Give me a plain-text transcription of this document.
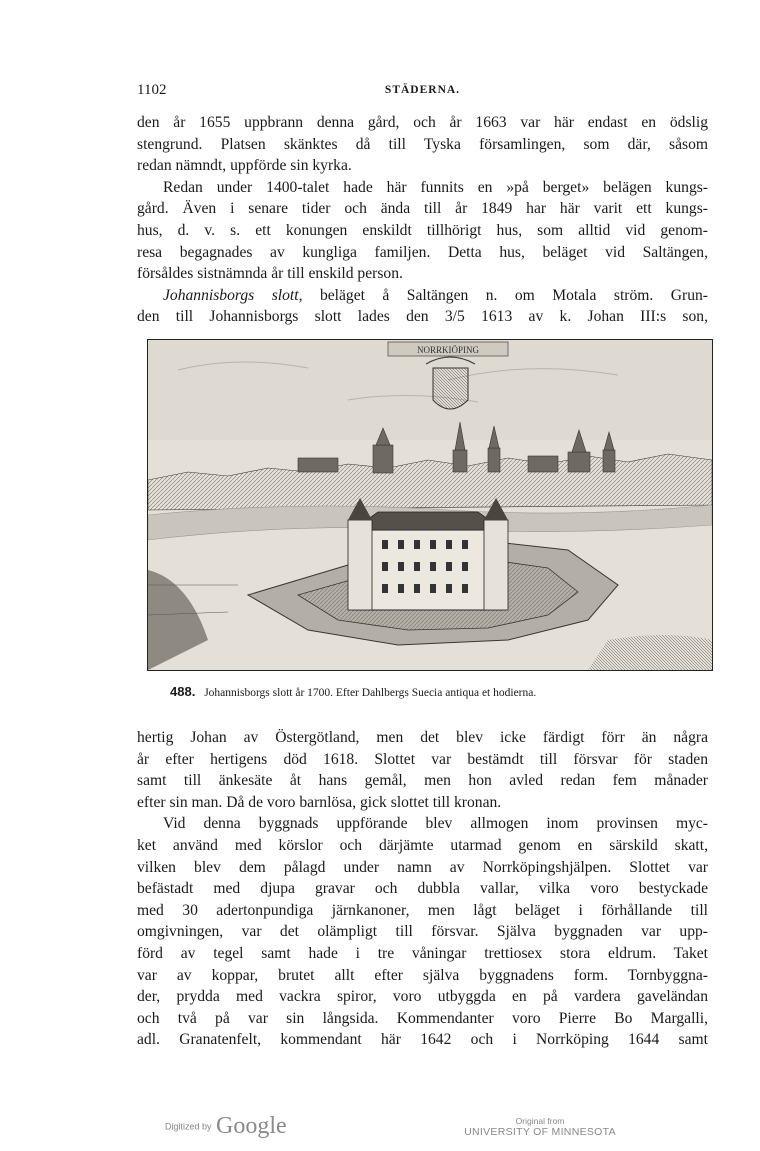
1102	STÄDERNA.
den år 1655 uppbrann denna gård, och år 1663 var här endast en ödslig
stengrund. Platsen skänktes då till Tyska församlingen, som där, såsom
redan nämndt, uppförde sin kyrka.
Redan under 1400-talet hade här funnits en »på berget» belägen kungs-
gård. Även i senare tider och ända till år 1849 har här varit ett kungs-
hus, d. v. s. ett konungen enskildt tillhörigt hus, som alltid vid genom-
resa begagnades av kungliga familjen. Detta hus, beläget vid Saltängen,
försåldes sistnämnda år till enskild person.
Johannisborgs slott, beläget å Saltängen n. om Motala ström. Grun-
den till Johannisborgs slott lades den 3/5 1613 av k. Johan III:s son,
NORRKIÖPING
488. Johannisborgs slott år 1700. Efter Dahlbergs Suecia antiqua et hodierna.
hertig Johan av Östergötland, men det blev icke färdigt förr än några
år efter hertigens död 1618. Slottet var bestämdt till försvar för staden
samt till änkesäte åt hans gemål, men hon avled redan fem månader
efter sin man. Då de voro barnlösa, gick slottet till kronan.
Vid denna byggnads uppförande blev allmogen inom provinsen myc-
ket använd med körslor och därjämte utarmad genom en särskild skatt,
vilken blev dem pålagd under namn av Norrköpingshjälpen. Slottet var
befästadt med djupa gravar och dubbla vallar, vilka voro bestyckade
med 30 adertonpundiga järnkanoner, men lågt beläget i förhållande till
omgivningen, var det olämpligt till försvar. Själva byggnaden var upp-
förd av tegel samt hade i tre våningar trettiosex stora eldrum. Taket
var av koppar, brutet allt efter själva byggnadens form. Tornbyggna-
der, prydda med vackra spiror, voro utbyggda en på vardera gaveländan
och två på var sin långsida. Kommendanter voro Pierre Bo Margalli,
adl. Granatenfelt, kommendant här 1642 och i Norrköping 1644 samt
Digitized by Google	Original from
UNIVERSITY OF MINNESOTA
